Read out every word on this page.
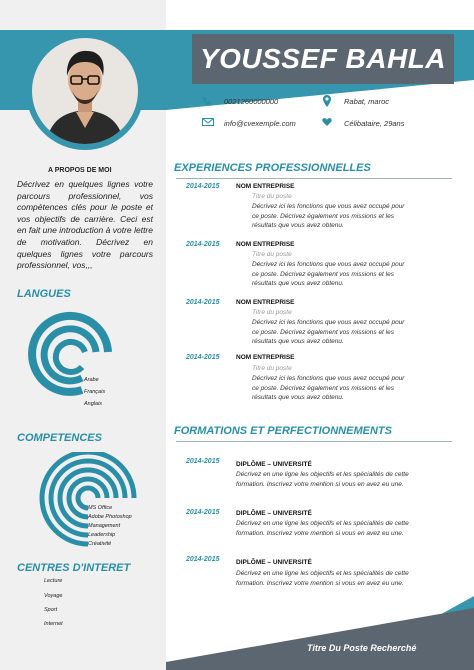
YOUSSEF BAHLA
0021260000000
info@cvexemple.com
Rabat, maroc
Célibataire, 29ans
A PROPOS DE MOI
Décrivez en quelques lignes votre parcours professionnel, vos compétences clés pour le poste et vos objectifs de carrière. Ceci est en fait une introduction à votre lettre de motivation. Décrivez en quelques lignes votre parcours professionnel, vos,,,
LANGUES
Arabe
Français
Anglais
COMPETENCES
MS Office
Adobe Photoshop
Management
Leadership
Créativité
CENTRES D'INTERET
Lecture
Voyage
Sport
Internet
EXPERIENCES PROFESSIONNELLES
2014-2015	NOM ENTREPRISE
Titre du poste
Décrivez ici les fonctions que vous avez occupé pour
ce poste. Décrivez également vos missions et les
résultats que vous avez obtenu.
2014-2015	NOM ENTREPRISE
Titre du poste
Décrivez ici les fonctions que vous avez occupé pour
ce poste. Décrivez également vos missions et les
résultats que vous avez obtenu.
2014-2015	NOM ENTREPRISE
Titre du poste
Décrivez ici les fonctions que vous avez occupé pour
ce poste. Décrivez également vos missions et les
résultats que vous avez obtenu.
2014-2015	NOM ENTREPRISE
Titre du poste
Décrivez ici les fonctions que vous avez occupé pour
ce poste. Décrivez également vos missions et les
résultats que vous avez obtenu.
FORMATIONS ET PERFECTIONNEMENTS
2014-2015	DIPLÔME – UNIVERSITÉ
Décrivez en une ligne les objectifs et les spécialités de cette
formation. Inscrivez votre mention si vous en avez eu une.
2014-2015	DIPLÔME – UNIVERSITÉ
Décrivez en une ligne les objectifs et les spécialités de cette
formation. Inscrivez votre mention si vous en avez eu une.
2014-2015	DIPLÔME – UNIVERSITÉ
Décrivez en une ligne les objectifs et les spécialités de cette
formation. Inscrivez votre mention si vous en avez eu une.
Titre Du Poste Recherché
